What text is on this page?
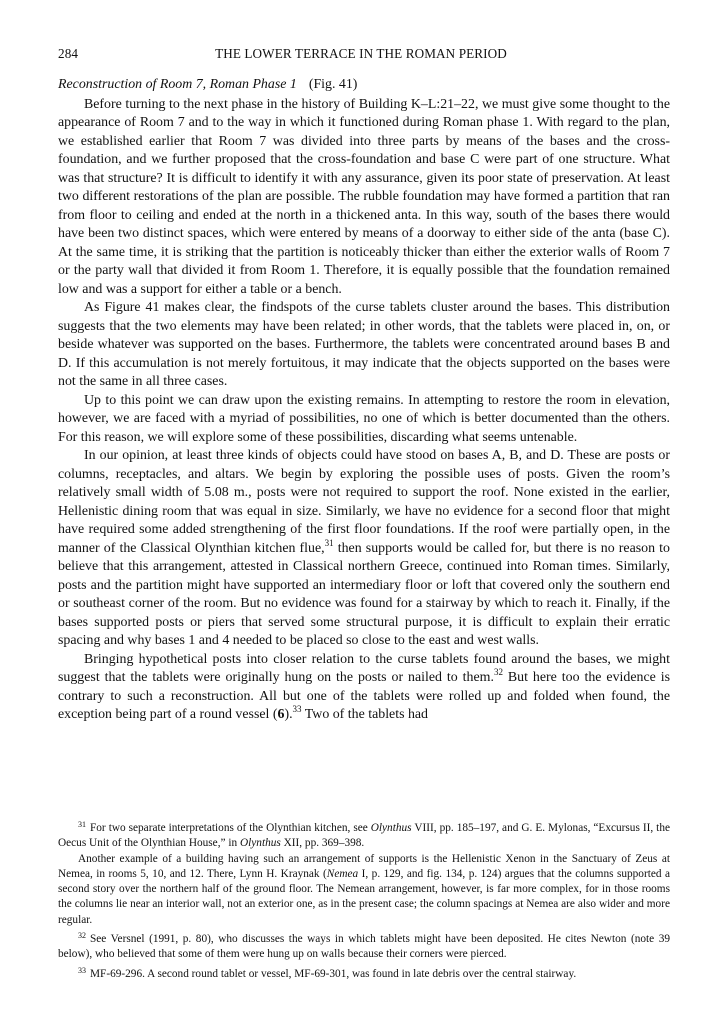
284	THE LOWER TERRACE IN THE ROMAN PERIOD

Reconstruction of Room 7, Roman Phase 1 (Fig. 41)

Before turning to the next phase in the history of Building K–L:21–22, we must give some thought to the appearance of Room 7 and to the way in which it functioned during Roman phase 1. With regard to the plan, we established earlier that Room 7 was divided into three parts by means of the bases and the cross-foundation, and we further proposed that the cross-foundation and base C were part of one structure. What was that structure? It is difficult to identify it with any assurance, given its poor state of preservation. At least two different restorations of the plan are possible. The rubble foundation may have formed a partition that ran from floor to ceiling and ended at the north in a thickened anta. In this way, south of the bases there would have been two distinct spaces, which were entered by means of a doorway to either side of the anta (base C). At the same time, it is striking that the partition is noticeably thicker than either the exterior walls of Room 7 or the party wall that divided it from Room 1. Therefore, it is equally possible that the foundation remained low and was a support for either a table or a bench.

As Figure 41 makes clear, the findspots of the curse tablets cluster around the bases. This distribution suggests that the two elements may have been related; in other words, that the tablets were placed in, on, or beside whatever was supported on the bases. Furthermore, the tablets were concentrated around bases B and D. If this accumulation is not merely fortuitous, it may indicate that the objects supported on the bases were not the same in all three cases.

Up to this point we can draw upon the existing remains. In attempting to restore the room in elevation, however, we are faced with a myriad of possibilities, no one of which is better documented than the others. For this reason, we will explore some of these possibilities, discarding what seems untenable.

In our opinion, at least three kinds of objects could have stood on bases A, B, and D. These are posts or columns, receptacles, and altars. We begin by exploring the possible uses of posts. Given the room’s relatively small width of 5.08 m., posts were not required to support the roof. None existed in the earlier, Hellenistic dining room that was equal in size. Similarly, we have no evidence for a second floor that might have required some added strengthening of the first floor foundations. If the roof were partially open, in the manner of the Classical Olynthian kitchen flue,$^{31}$ then supports would be called for, but there is no reason to believe that this arrangement, attested in Classical northern Greece, continued into Roman times. Similarly, posts and the partition might have supported an intermediary floor or loft that covered only the southern end or southeast corner of the room. But no evidence was found for a stairway by which to reach it. Finally, if the bases supported posts or piers that served some structural purpose, it is difficult to explain their erratic spacing and why bases 1 and 4 needed to be placed so close to the east and west walls.

Bringing hypothetical posts into closer relation to the curse tablets found around the bases, we might suggest that the tablets were originally hung on the posts or nailed to them.$^{32}$ But here too the evidence is contrary to such a reconstruction. All but one of the tablets were rolled up and folded when found, the exception being part of a round vessel (6).$^{33}$ Two of the tablets had

$^{31}$ For two separate interpretations of the Olynthian kitchen, see Olynthus VIII, pp. 185–197, and G. E. Mylonas, “Excursus II, the Oecus Unit of the Olynthian House,” in Olynthus XII, pp. 369–398.

Another example of a building having such an arrangement of supports is the Hellenistic Xenon in the Sanctuary of Zeus at Nemea, in rooms 5, 10, and 12. There, Lynn H. Kraynak (Nemea I, p. 129, and fig. 134, p. 124) argues that the columns supported a second story over the northern half of the ground floor. The Nemean arrangement, however, is far more complex, for in those rooms the columns lie near an interior wall, not an exterior one, as in the present case; the column spacings at Nemea are also wider and more regular.

$^{32}$ See Versnel (1991, p. 80), who discusses the ways in which tablets might have been deposited. He cites Newton (note 39 below), who believed that some of them were hung up on walls because their corners were pierced.

$^{33}$ MF-69-296. A second round tablet or vessel, MF-69-301, was found in late debris over the central stairway.
